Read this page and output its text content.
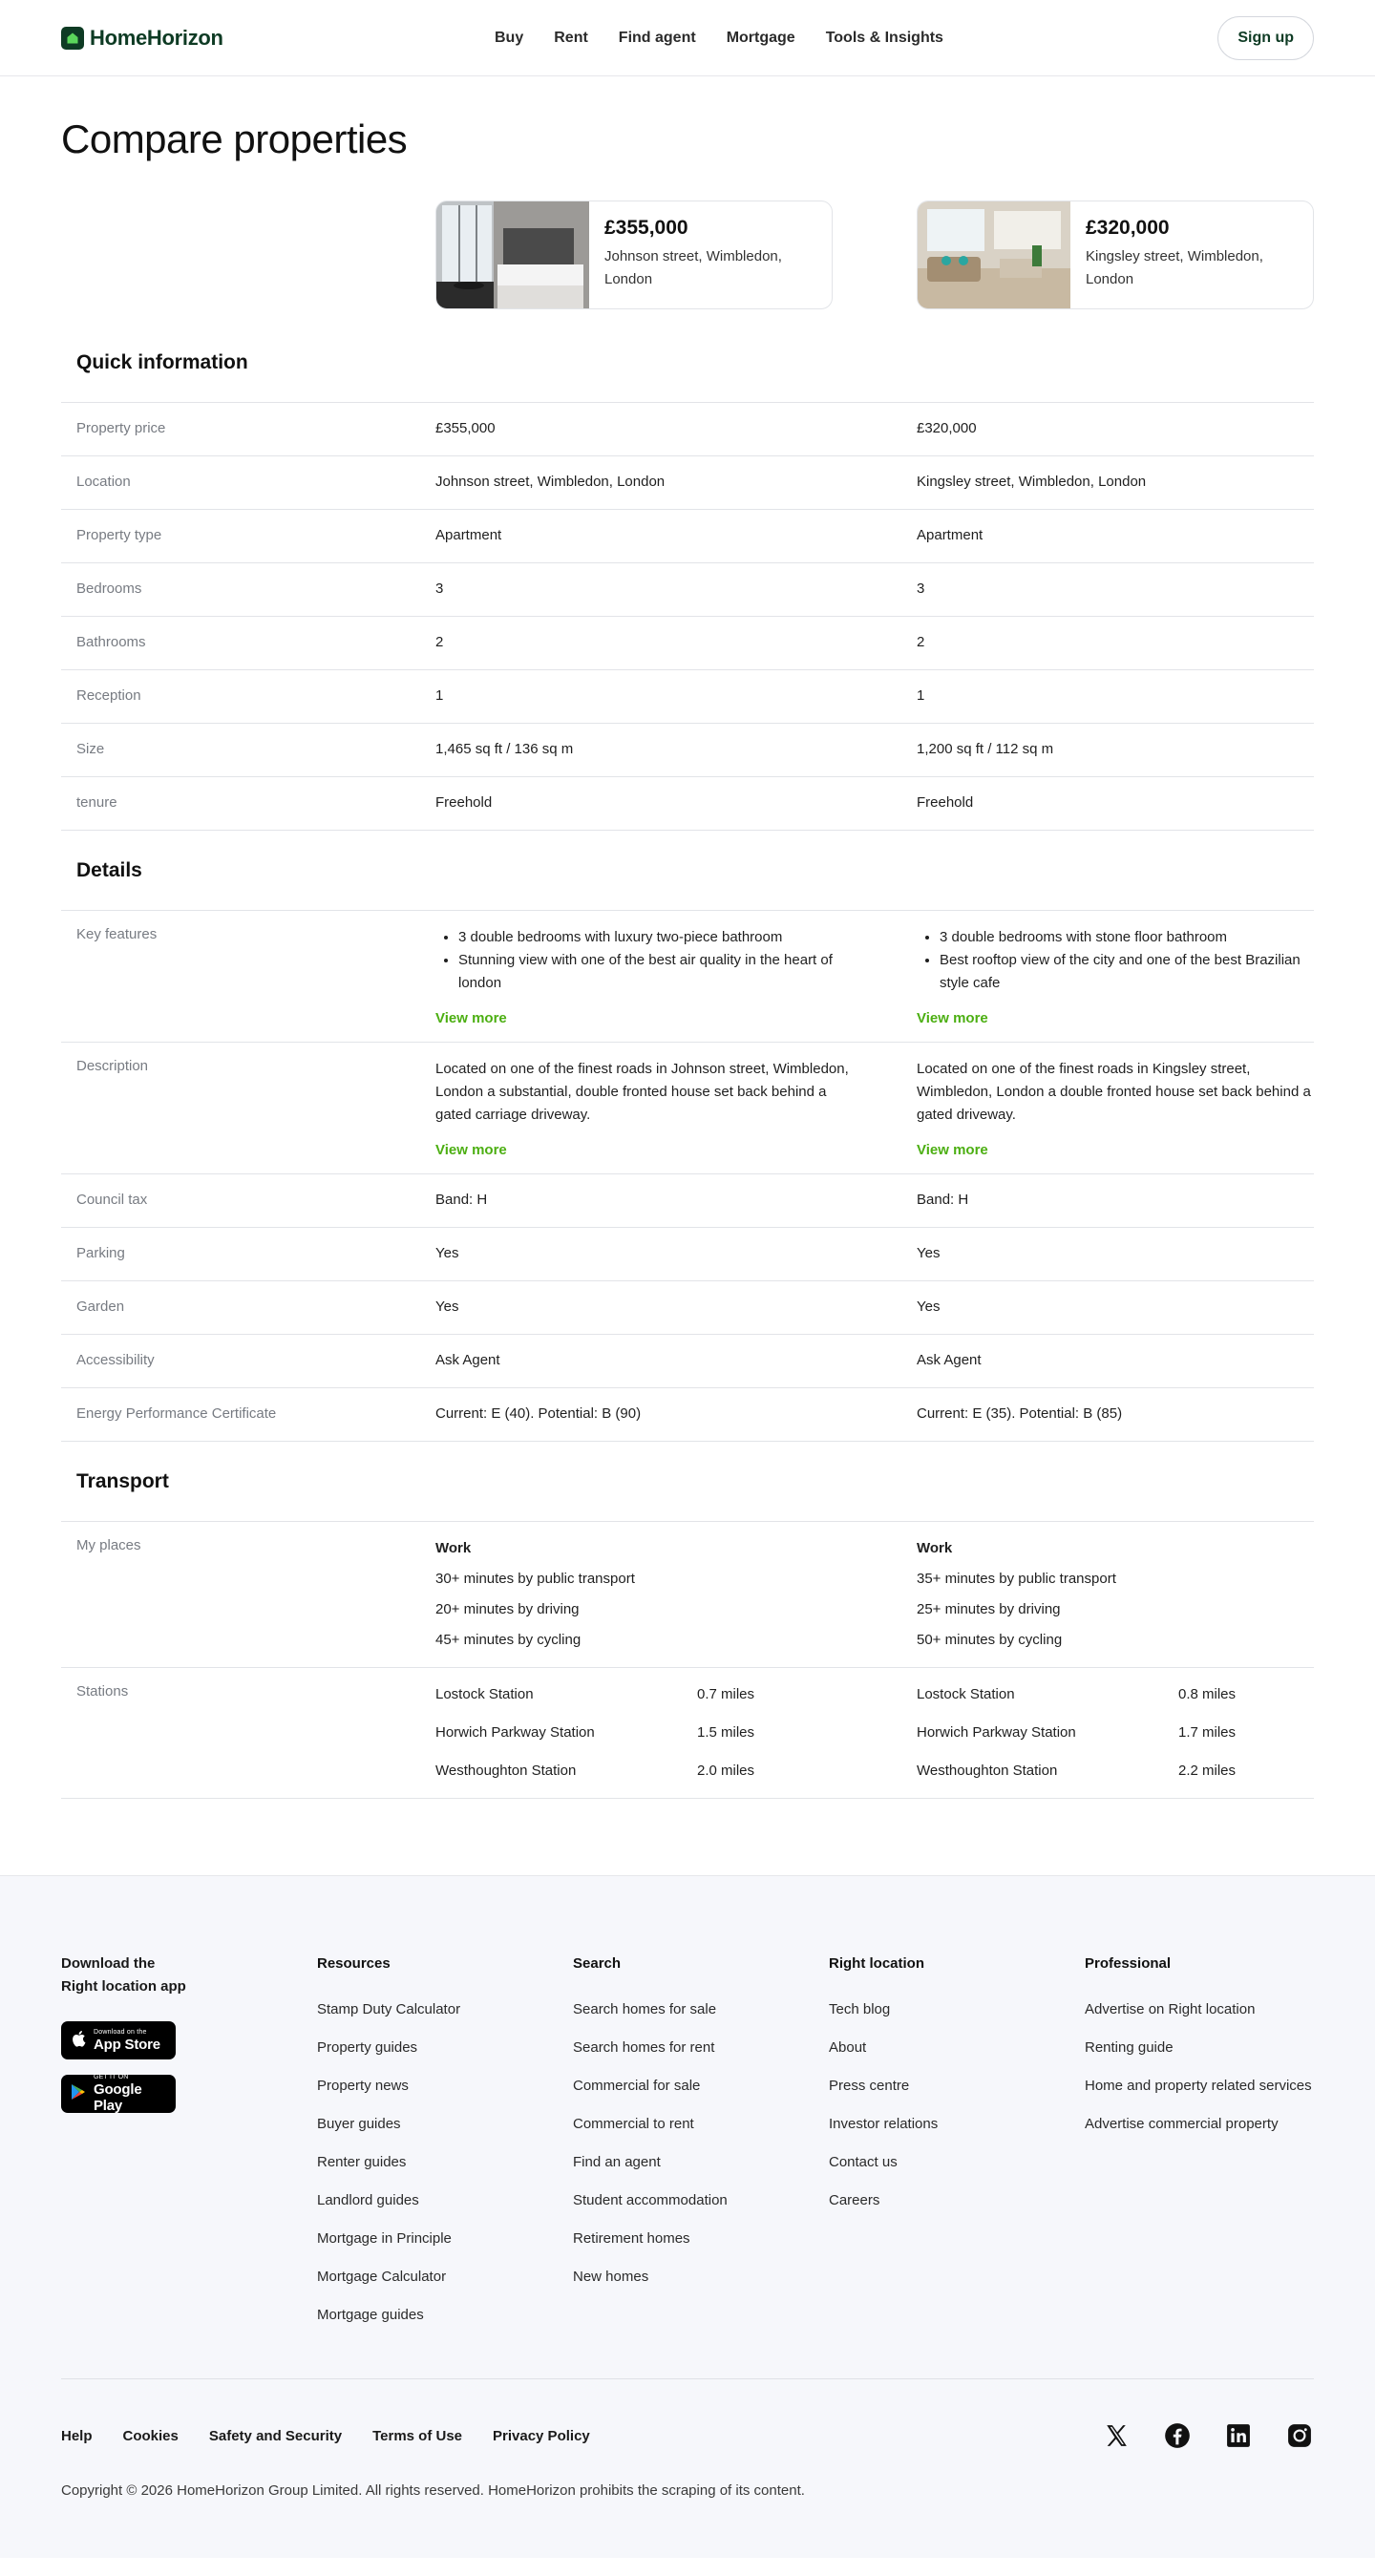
HomeHorizon	Buy Rent Find agent Mortgage Tools & Insights	Sign up
Compare properties
£355,000
Johnson street, Wimbledon, London
£320,000
Kingsley street, Wimbledon, London
Quick information
Property price	£355,000	£320,000
Location	Johnson street, Wimbledon, London	Kingsley street, Wimbledon, London
Property type	Apartment	Apartment
Bedrooms	3	3
Bathrooms	2	2
Reception	1	1
Size	1,465 sq ft / 136 sq m	1,200 sq ft / 112 sq m
tenure	Freehold	Freehold
Details
Key features
•	3 double bedrooms with luxury two-piece bathroom
• Stunning view with one of the best air quality in the heart of london
View more
• 3 double bedrooms with stone floor bathroom
• Best rooftop view of the city and one of the best Brazilian style cafe
View more
Description	Located on one of the finest roads in Johnson street, Wimbledon, London a substantial, double fronted house set back behind a gated carriage driveway.
View more
Located on one of the finest roads in Kingsley street, Wimbledon, London a double fronted house set back behind a gated driveway.
View more
Council tax	Band: H	Band: H
Parking	Yes	Yes
Garden	Yes	Yes
Accessibility	Ask Agent	Ask Agent
Energy Performance Certificate	Current: E (40). Potential: B (90)	Current: E (35). Potential: B (85)
Transport
My places	Work
30+ minutes by public transport
20+ minutes by driving
45+ minutes by cycling
Work
35+ minutes by public transport
25+ minutes by driving
50+ minutes by cycling
Stations	Lostock Station	0.7 miles
Horwich Parkway Station	1.5 miles
Westhoughton Station	2.0 miles
Lostock Station	0.8 miles
Horwich Parkway Station	1.7 miles
Westhoughton Station	2.2 miles
Download the Right location app
Download on the
App Store
GET IT ON
Google Play
Resources
Stamp Duty Calculator
Property guides
Property news
Buyer guides
Renter guides
Landlord guides
Mortgage in Principle
Mortgage Calculator
Mortgage guides
Search
Search homes for sale
Search homes for rent
Commercial for sale
Commercial to rent
Find an agent
Student accommodation
Retirement homes
New homes
Right location
Tech blog
About
Press centre
Investor relations
Contact us
Careers
Professional
Advertise on Right location
Renting guide
Home and property related services
Advertise commercial property
Help Cookies Safety and Security Terms of Use Privacy Policy
Copyright © 2026 HomeHorizon Group Limited. All rights reserved. HomeHorizon prohibits the scraping of its content.
